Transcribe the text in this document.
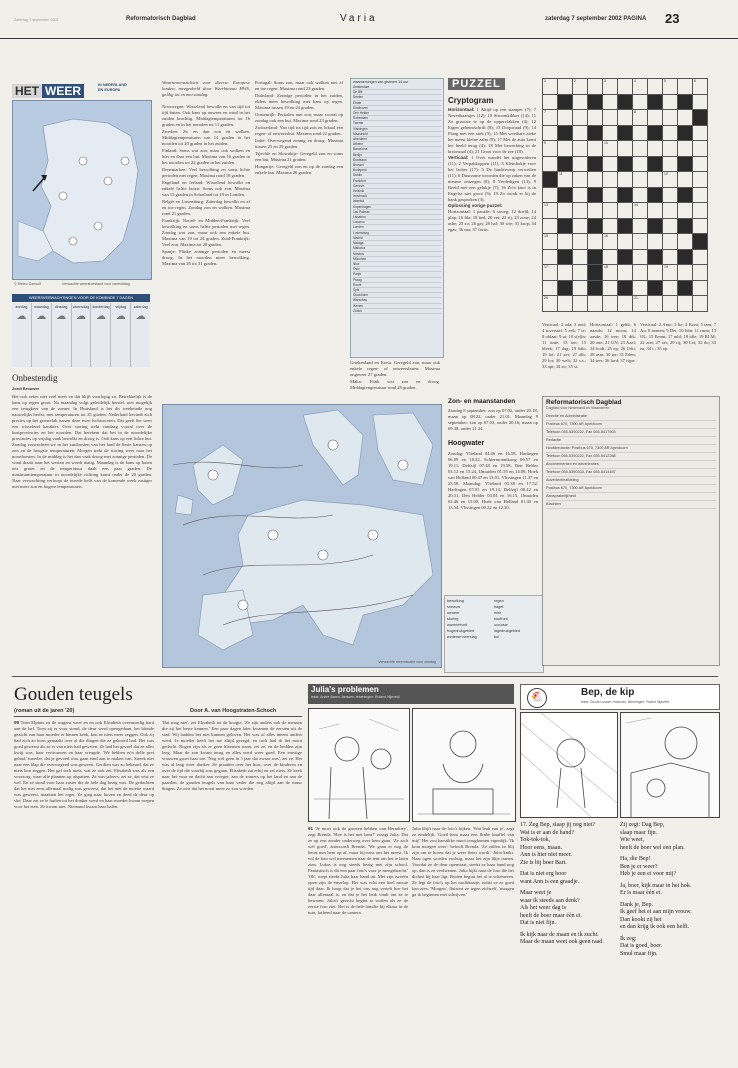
Zaterdag 7 september 2002	Reformatorisch Dagblad	Varia	zaterdag 7 september 2002 PAGINA 23
HET WEER	IN NEDERLAND
EN EUROPA
© Meteo Consult	Verwachte weerstoestand voor vanmiddag
WEERSVERWACHTINGEN VOOR DE KOMENDE 7 DAGEN
zondag
☁
maandag
☁
dinsdag
☁
woensdag
☁
donderdag
☁
vrijdag
☁
zaterdag
☁
Onbestendig
Jordi Brouwer
Het ook zeker niet veel meer en dat blijft voorlopig zo. Betrekkelijk is de kans op regen groot. Na maandag volgt geleidelijk herstel, met mogelijk een terugkeer van de zomer. In Duitsland is het dit weekeinde nog nauwelijks herfst, met temperaturen tot 25 graden. Nederland bevindt zich precies op het grensvlak tussen deze twee luchtsoorten. Dat geeft het weer een wisselend karakter. Over storing trekt vandaag vooral over de kustprovincies en het noorden. Dat betekent dat het in de noordelijke provincies op vrijdag vaak bewolkt en droog is. Ook kans op een lichte bui. Zondag verwachten we in het zuidoosten van het land de beste kansen op zon en de hoogste temperaturen. Morgen trekt de storing weer naar het noordoosten. In de middag is het dan vaak droog met zonnige perioden. De wind draait naar het westen en wordt matig. Maandag is de kans op buien iets groter en de temperatuur daalt een paar graden. De maximumtemperatuur in noordelijke richting komt onder de 20 graden. Naar verwachting verloopt de tweede helft van de komende week rustiger met meer zon en hogere temperaturen.
Waarnemenstichten voor diverse Europese landen, meegedeeld door Weerbureau HWS, geldig tot en met zondag:

Noorwegen: Wisselend bewolkt en van tijd tot tijd buien. Ook kans op onweer en wind in het zuiden krachtig. Middagtemperaturen tot 16 graden en in het noorden tot 11 graden.

Zweden: Zo en dan zon en wolken. Middagtemperaturen van 14 graden in het noorden tot 20 graden in het zuiden.

Finland: Soms wat zon, maar ook wolken en hier en daar een bui. Maxima van 16 graden in het noorden tot 22 graden in het zuiden.

Denemarken: Veel bewolking en soms lichte perioden met regen. Maxima rond 18 graden.

Engeland en Ierland: Wisselend bewolkt en enkele lichte buien. Soms ook zon. Maxima van 15 graden in Schotland tot 19 in Londen.

België en Luxemburg: Zaterdag bewolkt en af en toe regen. Zondag zon en wolken. Maxima rond 21 graden.

Frankrijk: Noord- en Midden-Frankrijk: Veel bewolking en soms lichte perioden met regen. Zondag wat zon, maar ook een enkele bui. Maxima van 19 tot 24 graden. Zuid-Frankrijk: Veel zon. Maxima tot 28 graden.

Spanje: Flinke zonnige perioden en meest droog. In het noorden meer bewolking. Maxima van 26 tot 31 graden.

Portugal: Soms zon, maar ook wolken met af en toe regen. Maxima rond 23 graden.

Duitsland: Zonnige perioden in het zuiden, elders meer bewolking met kans op regen. Maxima tussen 19 en 24 graden.

Oostenrijk: Perioden met zon, maar vooral op zondag ook een bui. Maxima rond 23 graden.

Zwitserland: Van tijd tot tijd zon en lokaal een regen- of onweersbui. Maxima rond 22 graden.

Italië: Overwegend zonnig en droog. Maxima tussen 25 en 29 graden.

Tsjechië en Slowakije: Geregeld zon en soms een bui. Maxima 21 graden.

Hongarije: Geregeld zon en op de zondag een enkele bui. Maxima 26 graden.

Griekenland en Kreta: Geregeld zon, maar ook enkele regen- of onweersbuien. Maxima ongeveer 27 graden.

Malta: Flink wat zon en droog. Middagtemperatuur rond 28 graden.

waarnemingen van gisteren 14 uur
Amsterdam
De Bilt
Deelen
Eelde
Eindhoven
Den Helder
Rotterdam
Twente
Vlissingen
Maastricht
Aberdeen
Athene
Barcelona
Berlijn
Bordeaux
Brussel
Budapest
Dublin
Frankfort
Genève
Helsinki
Innsbruck
Istanbul
Kopenhagen
Las Palmas
Lissabon
Locarno
Londen
Luxemburg
Madrid
Malaga
Mallorca
Moskou
München
Nice
Oslo
Parijs
Praag
Rome
Split
Stockholm
Warschau
Wenen
Zürich
bewolking	regen
sneeuw	hagel
onweer	mist
storing	koufront
warmtefront	occlusie
hogedrukgebied	lagedrukgebied
winterse neerslag	bui
Verwachte weersituatie voor zondag
PUZZEL
Cryptogram
Horizontaal: 1 Altijd op een stamper (7); 7 Nevenbaantjes (12); 10 Stroomkikker (14); 11 Zo grootste te op de oppervlakken (4); 12 Eigen geheimschrift (8); 13 Dorpsraad (9); 14 Plaag met een stok (3); 15 Met weetbare zieke het meest kleine zalm (9); 17 Met de auto komt het beeld terug (4); 18 Met bewerking in de kroonzaal (4); 21 Groot voor de zee (10).
Verticaal: 1 Over wandel het uitgevoderen (11); 2 Verpakkoppen (11); 3 Kleinhokje voor het lacher (17); 5 De hinderwerp verweilen (11); 6 Duurzame woorden die op zaken van de nieuwe ontzegen (8); 8 Verdedigen (13); 9 Beeld met een gelukje (7); 16 Zo'n knot is in Engelse niet groot (5); 19 Zo wordt er bij de bank gesproken (3).
Oplossing vorige puzzel:
Horizontaal: 1 parade; 6 stroeg; 12 doeld; 14 plap; 16 Ida; 18 bed; 20 vet; 22 rij; 23 zone; 24 asbe; 25 zo; 26 gat; 28 haf; 30 wie; 31 krop; 34 egas; 36 ma; 37 fruits.
1		2		3		4		5		6

7						8				

9				10						

	11							12		

13						14				

15				16						

17				18				19		

20						21				

Verticaal: 2 ada; 3 ond; 4 toverstaf; 5 eek; 7 te; 8 oblaat; 9 ut; 10 s(e)ln; 11 tinte; 13 ten; 15 bleek; 17 dug; 19 bab; 19 laf; 21 zer; 27 alb; 29 lot; 30 welt; 32 s.s.; 33 apt; 34 zo; 35 si.
Horizontaal: 1 geblt; 6 naaids; 12 moon; 14 aasde; 16 tree; 18 dik; 20 ene; 21 UN; 23 Azel; 24 kodi; 25 ep; 26 Udo; 28 asm; 30 tor; 31 Eden; 34 tres; 36 lord; 37 rijpe.
Verticaal: 2 Amo; 3 Ite; 4 Koni; 5 tam; 7 Au; 8 nemen; 9 Dei; 10 Idin; 11 rmm; 13 OL; 15 Eenm; 17 mbl; 18 idle; 19 RLM; 22 zon; 27 zer; 29 rij; 30 Let; 32 do; 33 ea; 34 t.; 35 ep.
Zon- en maanstanden
Zondag 8 september: zon op 07.02, onder 20.18; maan op 08.22, onder 21.01. Maandag 9 september: zon op 07.03, onder 20.16; maan op 09.38, onder 21.24.
Hoogwater
Zondag: Vlieland 04.46 en 16.58, Harlingen 06.09 en 18.22, Schiermonnikoog 06.57 en 19.11, Delfzijl 07.48 en 19.58, Den Helder 03.12 en 15.24, IJmuiden 01.55 en 14.08, Hoek van Holland 00.47 en 13.01, Vlissingen 11.37 en 23.58. Maandag: Vlieland 05.38 en 17.52, Harlingen 07.01 en 19.14, Delfzijl 08.42 en 20.51, Den Helder 04.04 en 16.15, IJmuiden 02.46 en 15.00, Hoek van Holland 01.40 en 13.54, Vlissingen 00.22 en 12.30.
Reformatorisch Dagblad
Dagblad voor Nederland en Vlaanderen
Directie en Administratie
Postbus 670, 7300 AR Apeldoorn
Telefoon 055-5390222, Fax 055-5417503
Redactie
Hoofdredactie: Postbus 670, 7300 AR Apeldoorn
Telefoon 055-5390222, Fax 055-5412288
Abonnementen en advertenties
Telefoon 055-5390333, Fax 055-5414487
Advertentieafdeling
Postbus 670, 7300 AR Apeldoorn
Aansprakelijkheid
Klachten
Gouden teugels
(roman uit de jaren '20)	Door A. van Hoogstraten-Schoch
99 Toen Elpinis zo de wagens weer en en ook Elisabeth overmoedig hard aan de hel. Toen zij er voor stond, de deur werd opengedaan, het blonde gezicht van haar moeder er binnen keek, kon ze niets meer zeggen. Ook zij had zich zo boos gemaakt over al die dingen die ze gehoord had. Het was goed geweest als ze er van niets had geweten. Ze had het gevoel dat ze alles kwijt was, haar vertrouwen en haar vreugde. 'We hebben er'n dolle pret gehad,' moeder, dat je gevoed wou gaan eind aan te maken van. Streek niet naar een klap die overwegend was geweest. Gerdien was zo bekeurd, dat ze niets kon zeggen. Het gaf toch niets, wat ze ook zei. Elisabeth was als een voorzorg, waar alle plannen op afspatten. Ze was jaloers, zei ze, dat wist ze wel. En ze stond voor haar zuster die de hele dag bezig was. De gedachten dat het niet eens allemaal nodig was geweest, dat het niet de moeite waard was geweest, maakten het erger. Ze ging naar boven en deed de deur op slot. Daar zat ze te huilen tot het donker werd en haar moeder kwam roepen voor het eten. Ze kwam niet. Niemand kwam haar halen.
'Dat mag niet', zei Elisabeth tot de hoogte. 'Ze zijn anders ook de mensen die zij het beste kennen.' Een paar dagen later kwamen de eersten uit de stad. Wij hadden het niet kunnen geloven. Het was of alles ineens anders werd. Je moeder heeft het me altijd gezegd, en toch had ik het nooit gedacht. Bogen zijn als er geen bloemen staan, zei ze, en de bedden zijn leeg. Maar de zon kwam terug en alles werd weer goed. Een ernstige vrouwen groet haar toe. 'Nog wel geen in 't jaar dat zwaar was', zei ze. Het was al lang weer donker. Ze praatten over het huis, over de kinderen en over de tijd die voorbij was gegaan. Elisabeth zat erbij en zei niets. Ze keek naar het vuur en dacht aan vroeger, aan de zomers op het land en aan de paarden, de gouden teugels van haar vader die nog altijd aan de muur hingen. Ze wist dat het nooit meer zo zou worden.
Julia's problemen
tekst: Andre Baron-Janssen, tekeningen: Roland Nijeveld
91 'Je moet ook de groeten hebben van Herndoey', zegt Brenda. 'Hoe is het met hem?' vraagt Julia. Dat ze op een zonder onderweg over hem gaan. 'Ze zich wel goed', antwoordt Brenda. 'We gaan er nog de beurt met hem op af, maar hij mist ons het meest. Ik wil de foto wel meenemen naar de tent om het te laten zien. Lukas is nog steeds bezig met zijn school. Fantastisch is dit een paar foto's voor je meegebracht.' 'Oh', roept steekt Julia haar hand uit. Met zijn tweeën open zijn de envelop. Het was echt een heel mooie tijd daar. Ik hoop dat je het ons nog vertelt hoe het daar allemaal is, en dat je het leuk vindt om ze te bewaren. Julia's gezicht begint te stralen als ze de eerste foto ziet. Het is de hele familie bij elkaar in de tuin, lachend naar de camera.
Julia blijft naar de foto's kijken. 'Wat leuk van je', zegt ze eindelijk. 'Goed hem maar een flinke knuffel van mij!' Het zou harstikke mooi terugkomen eigenlijk. 'Ik kom morgen weer', belooft Brenda. 'Ze zullen zo blij zijn om te horen dat je weer beter wordt.' Julia knikt. Haar ogen worden vochtig, maar het zijn blije tranen. Voordat ze de deur openstaat, steekt ze haar hand nog op, dan is ze verdwenen. Julia kijkt naar de foto die het dichtst bij haar ligt. Buiten begint het al te schemeren. Ze legt de foto's op het nachtkastje, zodat ze ze goed kan zien. 'Morgen', fluistert ze tegen zichzelf, 'morgen ga ik beginnen met schrijven.'
🐔	Bep, de kip
tekst: Gerda Lussier-Huisman, tekeningen: Roelof Nijeveld
17. Zeg Bep, slaap jij nog niet?
Wat is er aan de hand?
Tok-tok-tok,
Hoor eens, maan.
Ann is hier niet meer.
Zie is bij boer Bart.
Dat is niet erg hoor
want Ann is een graadje.
Maar weet je
waar ik steeds aan denk?
Als het weer dag is
heeft de boer maar één ei.
Dat is niet fijn.
Ik kijk naar de maan en ik zucht.
Maar de maan weet ook geen raad.
Zij zegt: Dag Bep,
slaap maar fijn.
Wie weet,
heeft de boer wel een plan.
Ha, die Bep!
Ben je er weer?
Heb je een ei voor mij?
Ja, boer, kijk maar in het hok.
Er is maar één ei.
Dank je, Bep.
Ik geef het ei aan mijn vrouw.
Dan kookt zij het
en dan krijg ik ook een helft.
Ik zeg:
Dat is goed, boer.
Smul maar fijn.
